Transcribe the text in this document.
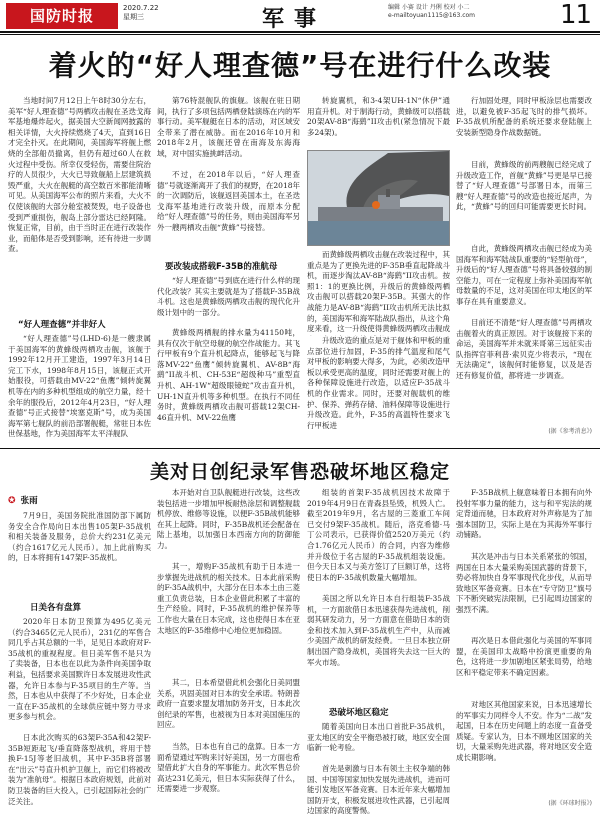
国防时报	2020.7.22
星期三	军事	编辑 小赛 设计 丹俐 校对 小二
e-mailtoyuan1115@163.com	11
着火的“好人理查德”号在进行什么改装
当地时间7月12日上午8时30分左右，美军“好人理查德”号两栖攻击舰在圣迭戈海军基地爆炸起火，据美国大空新闻网披露的相关详情，大火持续燃烧了4天，直到16日才完全扑灭。在此期间，美国海军将舰上燃烧的全部船员撤离，但仍有超过60人在救火过程中受伤。所幸仅受轻伤，需要住院治疗的人员很少，大火已导致舰船上层建筑损毁严重，大火在舰艇的高空数百米都能清晰可见。从美国海军公布的照片来看，大火不仅使该舰的大部分舱室被焚毁，电子设备也受到严重损伤，舰岛上部分雷达已经阿隆。恢复正常，目前，由于当时正在进行改装作业，而船体是否受到影响，还有待进一步调查。
“好人理查德”并非好人
“好人理查德”号(LHD-6)是一艘隶属于美国海军的黄蜂级两栖攻击舰，该舰于1992年12月开工建造，1997年3月14日完工下水，1998年8月15日，该舰正式开始服役，可搭载由MV-22“鱼鹰”倾转旋翼机等在内的多种机型组成的航空力量，经十余年的服役后，2012年4月23日，“好人理查德”号正式接替“埃塞克斯”号，成为美国海军第七舰队的前沿部署舰艇，常驻日本佐世保基地，作为美国海军太平洋舰队
第76特混舰队的旗舰。该舰在驻日期间，执行了多项包括两栖登陆演练在内的军事行动。美军舰艇在日本的活动，对区域安全带来了潜在威胁。而在2016年10月和2018年2月，该舰还曾在南海及东海海域，对中国实施挑衅活动。
不过，在2018年以后，“好人理查德”号就逐渐离开了我们的视野，在2018年的一次调防后，该舰返回美国本土，在圣迭戈海军基地进行改装升级，而原本分配给“好人理查德”号的任务，则由美国海军另外一艘两栖攻击舰“黄蜂”号接替。
要改装成搭载F-35B的准航母
“好人理查德”号到底在进行什么样的现代化改装？其实主要就是为了搭载F-35B战斗机。这也是黄蜂级两栖攻击舰的现代化升级计划中的一部分。
黄蜂级两栖舰的排水量为41150吨，具有仅次于航空母舰的航空作战能力。其飞行甲板有9个直升机起降点，能够起飞与降落MV-22“鱼鹰”倾转旋翼机、AV-8B“海鹞”II战斗机、CH-53E“超级种马”重型直升机、AH-1W“超级眼镜蛇”攻击直升机，UH-1N直升机等多种机型。在执行不同任务时，黄蜂级两栖攻击舰可搭载12架CH-46直升机、MV-22鱼鹰
转旋翼机，和3-4架UH-1N“休伊”通用直升机。对于制海行动，黄蜂级可以搭载20架AV-8B“海鹞”II攻击机(紧急情况下最多24架)。
而黄蜂级两栖攻击舰在改装过程中，其重点是为了更换先进的F-35B垂直起降战斗机，而逐步淘汰AV-8B“海鹞”II攻击机。按照1：1的更换比例，升级后的黄蜂级两栖攻击舰可以搭载20架F-35B。其强大的作战能力是AV-8B“海鹞”II攻击机所无法比拟的，美国海军和海军陆战队指出，从这个角度来看，这一升级使得黄蜂级两栖攻击舰成
升级改造的重点是对于舰体和甲板的重点部位进行加固，F-35的排气温度和尾气对甲板的影响要大得多，为此，必须改造甲板以承受更高的温度，同时还需要对舰上的各种保障设施进行改造，以适应F-35战斗机的作业需求。同时，还要对舰载机的维护、保养、弹药存储、油料保障等设施进行升级改造。此外，F-35的高温特性要求飞行甲板进
行加固处理，同时甲板涂层也需要改进，以避免被F-35起飞时的排气损坏。F-35战机所配备的系统还要求登陆舰上安装新型隐身作战数据链。
目前，黄蜂级的前两艘舰已经完成了升级改造工作，首舰“黄蜂”号更是早已接替了“好人理查德”号部署日本，而第三艘“好人理查德”号的改造也接近尾声，为此，“黄蜂”号的回归可能需要更长时间。
自此，黄蜂级两栖攻击舰已经成为美国海军和海军陆战队重要的“轻型航母”，升级后的“好人理查德”号将具备较强的制空能力，可在一定程度上弥补美国海军航母数量的不足，这对美国在印太地区的军事存在具有重要意义。
目前还不清楚“好人理查德”号两栖攻击舰着火的真正原因。对于该舰接下来的命运，美国海军并未就来哥第三远征实击队指挥官菲利普·索贝克少将表示，“现在无法确定”，该舰何时能修复，以及是否还有修复价值，都将进一步调查。
(据《参考消息》)
美对日创纪录军售恐破坏地区稳定
✪ 张雨
7月9日，美国务院批准国防部下属防务安全合作局向日本出售105架F-35战机和相关装备及服务，总价大约231亿美元（约合1617亿元人民币）。加上此前购买的，日本将拥有147架F-35战机。
日美各有盘算
2020年日本防卫预算为495亿美元（约合3465亿元人民币），231亿的军售合同几乎占其总额的一半，足见日本政府对F-35战机的重视程度。但日美军售不是只为了卖装备，日本也在以此为条件向美国争取利益，包括要求美国默许日本发展进攻性武器，允许日本参与F-35项目的生产等。当然，日本也从中获得了不少好处，日本企业一直在F-35战机的全球供应链中努力寻求更多参与机会。
日本此次购买的63架F-35A和42架F-35B短距起飞/垂直降落型战机，将用于替换F-15J等老旧战机，其中F-35B将部署在“出云”号直升机护卫舰上，而它们将被改装为“准航母”。根据日本政府规划，此前对防卫装备的巨大投入，已引起国际社会的广泛关注。
本开始对自卫队舰艇进行改装，这些改装包括进一步增加甲板耐热涂层和调整舰载机停放、维修等设施，以便F-35B战机能够在其上起降。同时，F-35B战机还会配备在陆上基地，以加强日本西南方向的防御能力。
其一，增购F-35战机有助于日本进一步掌握先进战机的相关技术。日本此前采购的F-35A战机中，大部分在日本本土由三菱重工负责总装，日本企业借此积累了丰富的生产经验。同时，F-35战机的维护保养等工作也大量在日本完成，这也使得日本在亚太地区的F-35维修中心地位更加稳固。
其二，日本希望借此机会强化日美同盟关系，巩固美国对日本的安全承诺。特朗普政府一直要求盟友增加防务开支，日本此次创纪录的军售，也被视为日本对美国施压的回应。
当然，日本也有自己的盘算。日本一方面希望通过军购来讨好美国，另一方面也希望借此扩大自身的军事能力。此次军售总价高达231亿美元，但日本实际获得了什么，还需要进一步观察。
组装的首架F-35战机因技术故障于2019年4月9日在青森县坠毁，机毁人亡。截至2019年9月，名古屋的三菱重工车间已交付9架F-35战机。随后，洛克希德·马丁公司表示，已获得价值2520万美元（约合1.76亿元人民币）的合同，内容为维修并升级位于名古屋的F-35战机组装设施。但今天日本又与美方签订了巨额订单，这将使日本的F-35战机数量大幅增加。
美国之所以允许日本自行组装F-35战机，一方面欲借日本迅速获得先进战机，削弱其研发动力，另一方面意在借助日本的资金和技术加入到F-35战机生产中，从而减少美国产战机的研发经费。一旦日本独立研制出国产隐身战机，美国将失去这一巨大的军火市场。
恐破坏地区稳定
随着美国向日本出口首批F-35战机，亚太地区的安全平衡恐被打破，地区安全面临新一轮考验。
首先是刺激与日本有领土主权争端的韩国、中国等国家加快发展先进战机，进而可能引发地区军备竞赛。日本近年来大幅增加国防开支，积极发展进攻性武器，已引起周边国家的高度警惕。
F-35B战机上舰意味着日本拥有向外投射军事力量的能力，这与和平宪法的规定背道而驰，日本政府对外声称是为了加强本国防卫，实际上是在为其海外军事行动铺路。
其次是冲击与日本关系紧张的邻国，两国在日本大量采购美国武器的背景下，势必将加快自身军事现代化步伐，从而导致地区军备竞赛。日本在“专守防卫”旗号下不断突破宪法限制，已引起周边国家的强烈不满。
再次是日本借此强化与美国的军事同盟，在美国印太战略中扮演更重要的角色，这将进一步加剧地区紧张局势，给地区和平稳定带来不确定因素。
对地区其他国家来说，日本迅速增长的军事实力同样令人不安。作为“二战”发起国，日本在历史问题上的态度一直备受质疑。专家认为，日本不顾地区国家的关切，大量采购先进武器，将对地区安全造成长期影响。
(据《环球时报》)
